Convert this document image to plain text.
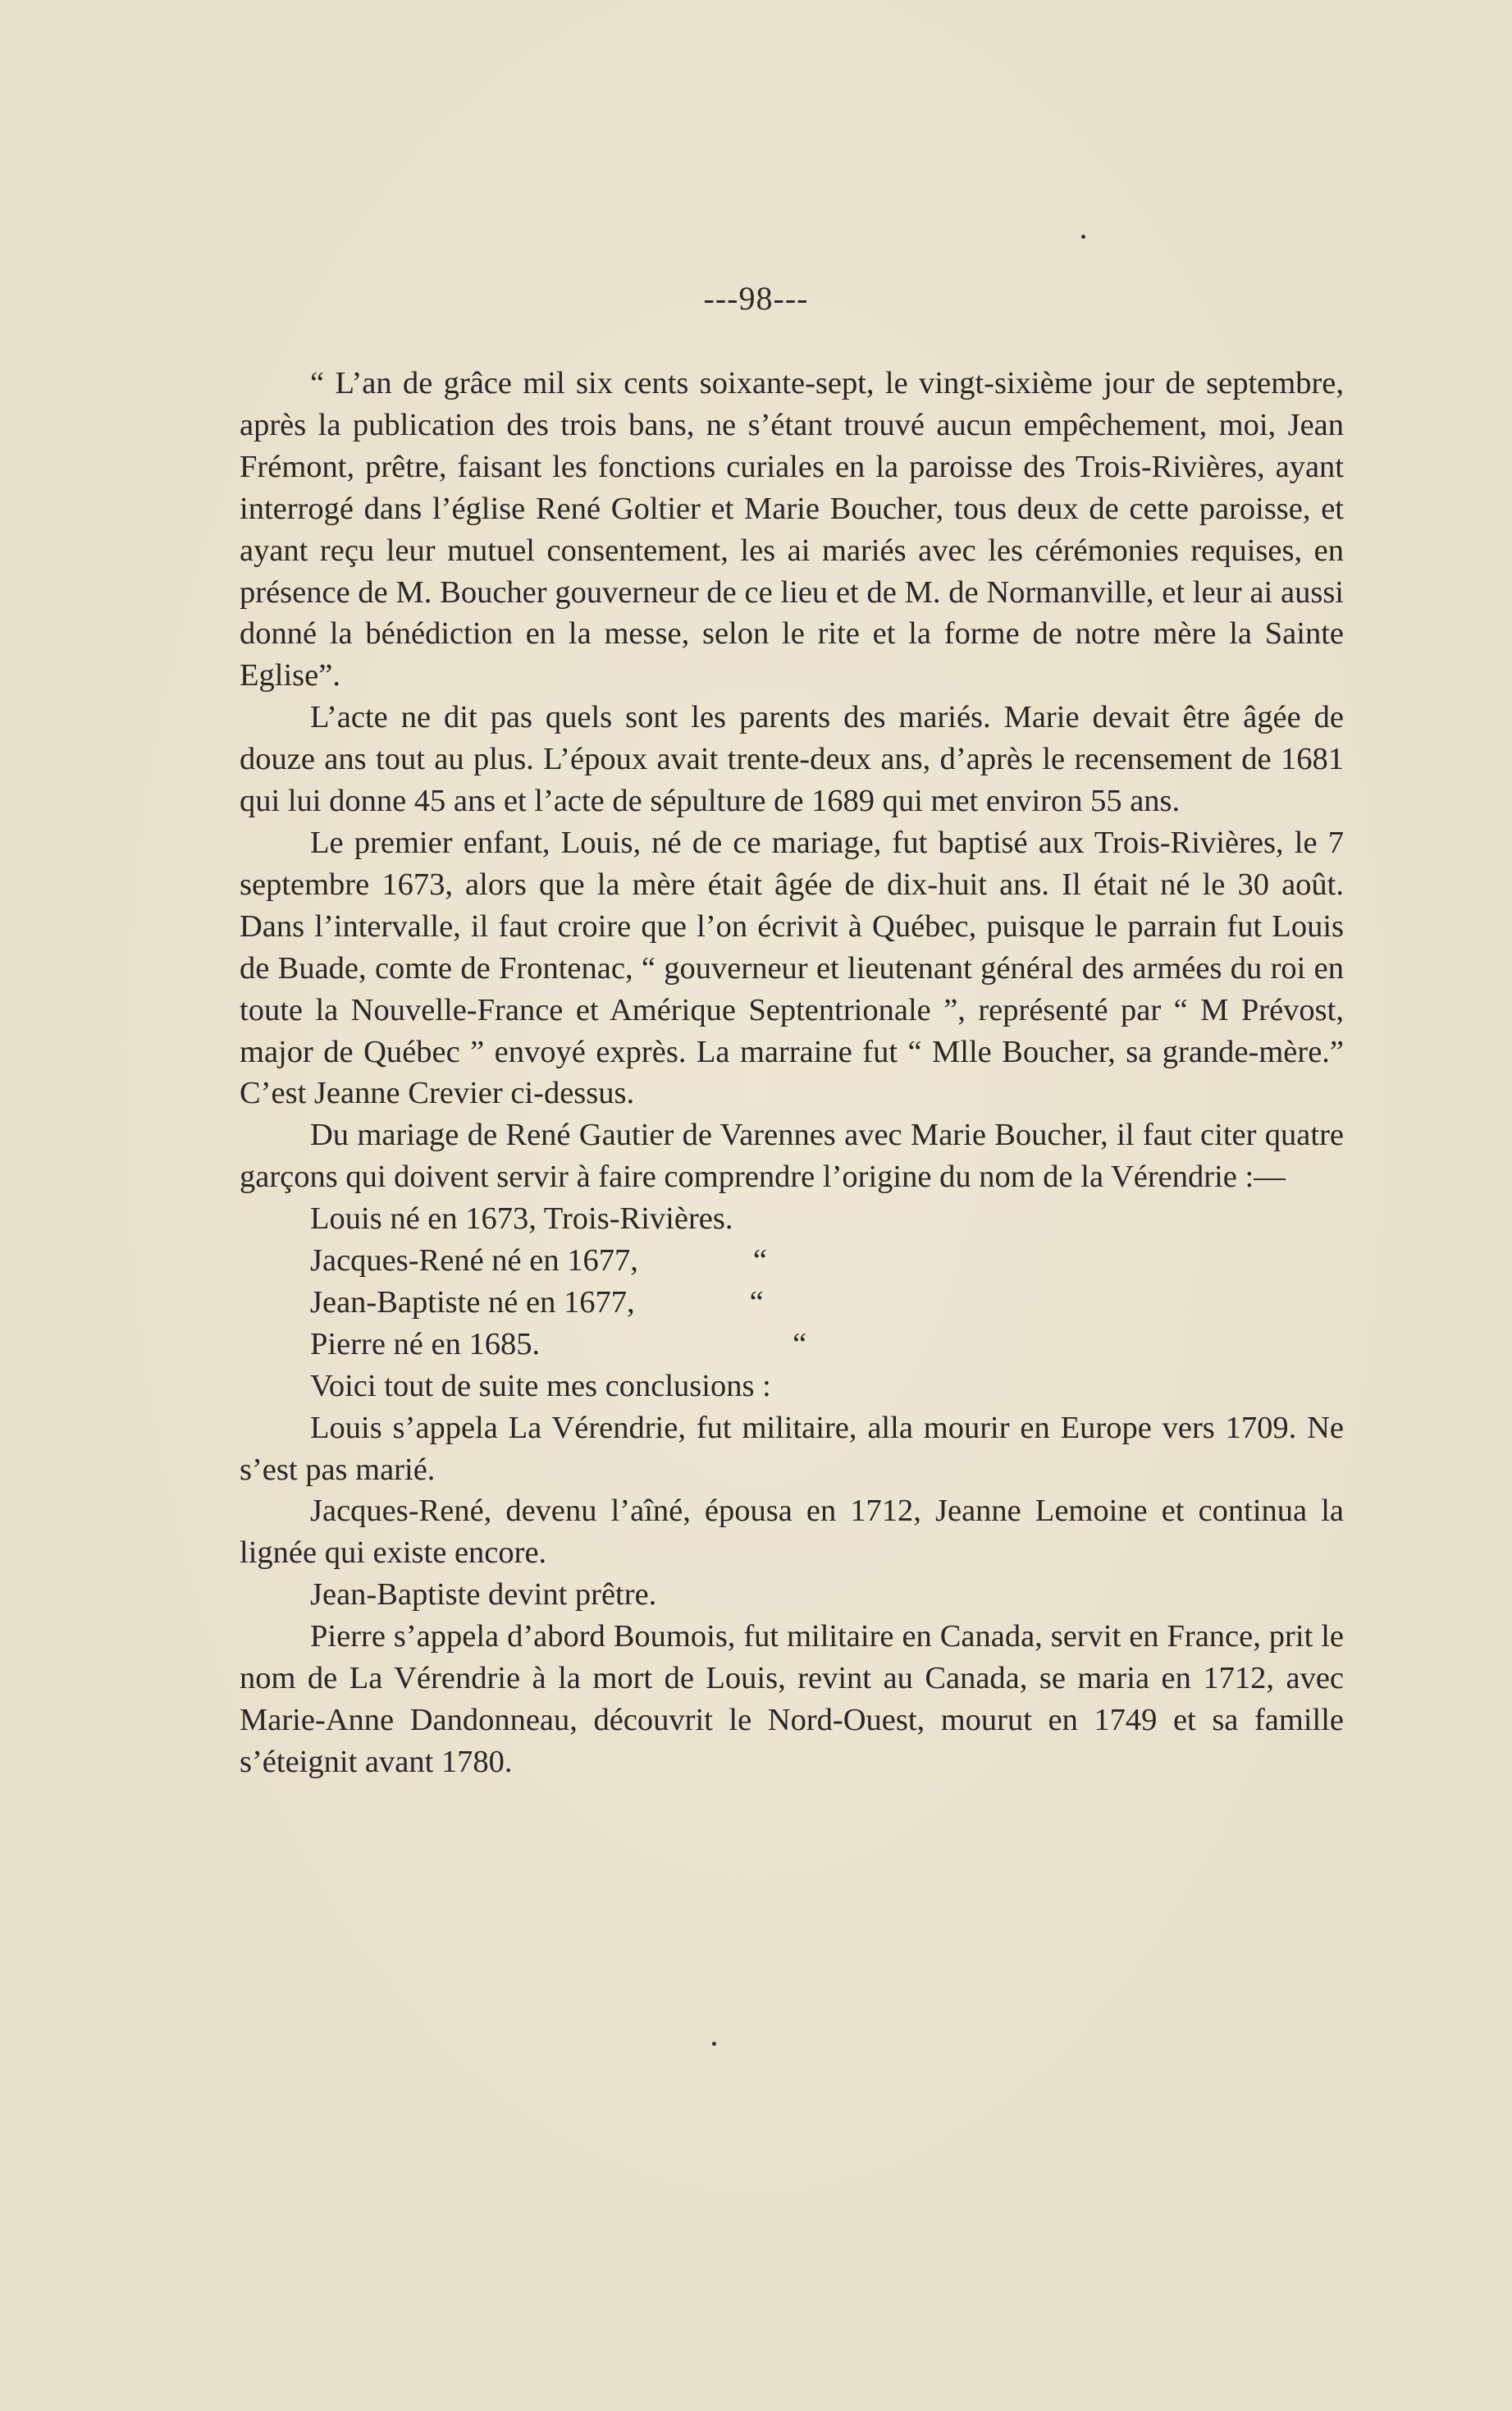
---98---

“ L’an de grâce mil six cents soixante-sept, le vingt-sixième jour de septembre, après la publication des trois bans, ne s’étant trouvé aucun empêchement, moi, Jean Frémont, prêtre, faisant les fonctions curiales en la paroisse des Trois-Rivières, ayant interrogé dans l’église René Goltier et Marie Boucher, tous deux de cette paroisse, et ayant reçu leur mutuel consentement, les ai mariés avec les cérémonies requises, en présence de M. Boucher gouverneur de ce lieu et de M. de Normanville, et leur ai aussi donné la bénédiction en la messe, selon le rite et la forme de notre mère la Sainte Eglise”.

L’acte ne dit pas quels sont les parents des mariés. Marie devait être âgée de douze ans tout au plus. L’époux avait trente-deux ans, d’après le recensement de 1681 qui lui donne 45 ans et l’acte de sépulture de 1689 qui met environ 55 ans.

Le premier enfant, Louis, né de ce mariage, fut baptisé aux Trois-Rivières, le 7 septembre 1673, alors que la mère était âgée de dix-huit ans. Il était né le 30 août. Dans l’intervalle, il faut croire que l’on écrivit à Québec, puisque le parrain fut Louis de Buade, comte de Frontenac, “ gouverneur et lieutenant général des armées du roi en toute la Nouvelle-France et Amérique Septentrionale ”, représenté par “ M Prévost, major de Québec ” envoyé exprès. La marraine fut “ Mlle Boucher, sa grande-mère.” C’est Jeanne Crevier ci-dessus.

Du mariage de René Gautier de Varennes avec Marie Boucher, il faut citer quatre garçons qui doivent servir à faire comprendre l’origine du nom de la Vérendrie :—

Louis né en 1673, Trois-Rivières.

Jacques-René né en 1677,	“

Jean-Baptiste né en 1677,	“

Pierre né en 1685.	“

Voici tout de suite mes conclusions :

Louis s’appela La Vérendrie, fut militaire, alla mourir en Europe vers 1709. Ne s’est pas marié.

Jacques-René, devenu l’aîné, épousa en 1712, Jeanne Lemoine et continua la lignée qui existe encore.

Jean-Baptiste devint prêtre.

Pierre s’appela d’abord Boumois, fut militaire en Canada, servit en France, prit le nom de La Vérendrie à la mort de Louis, revint au Canada, se maria en 1712, avec Marie-Anne Dandonneau, découvrit le Nord-Ouest, mourut en 1749 et sa famille s’éteignit avant 1780.
